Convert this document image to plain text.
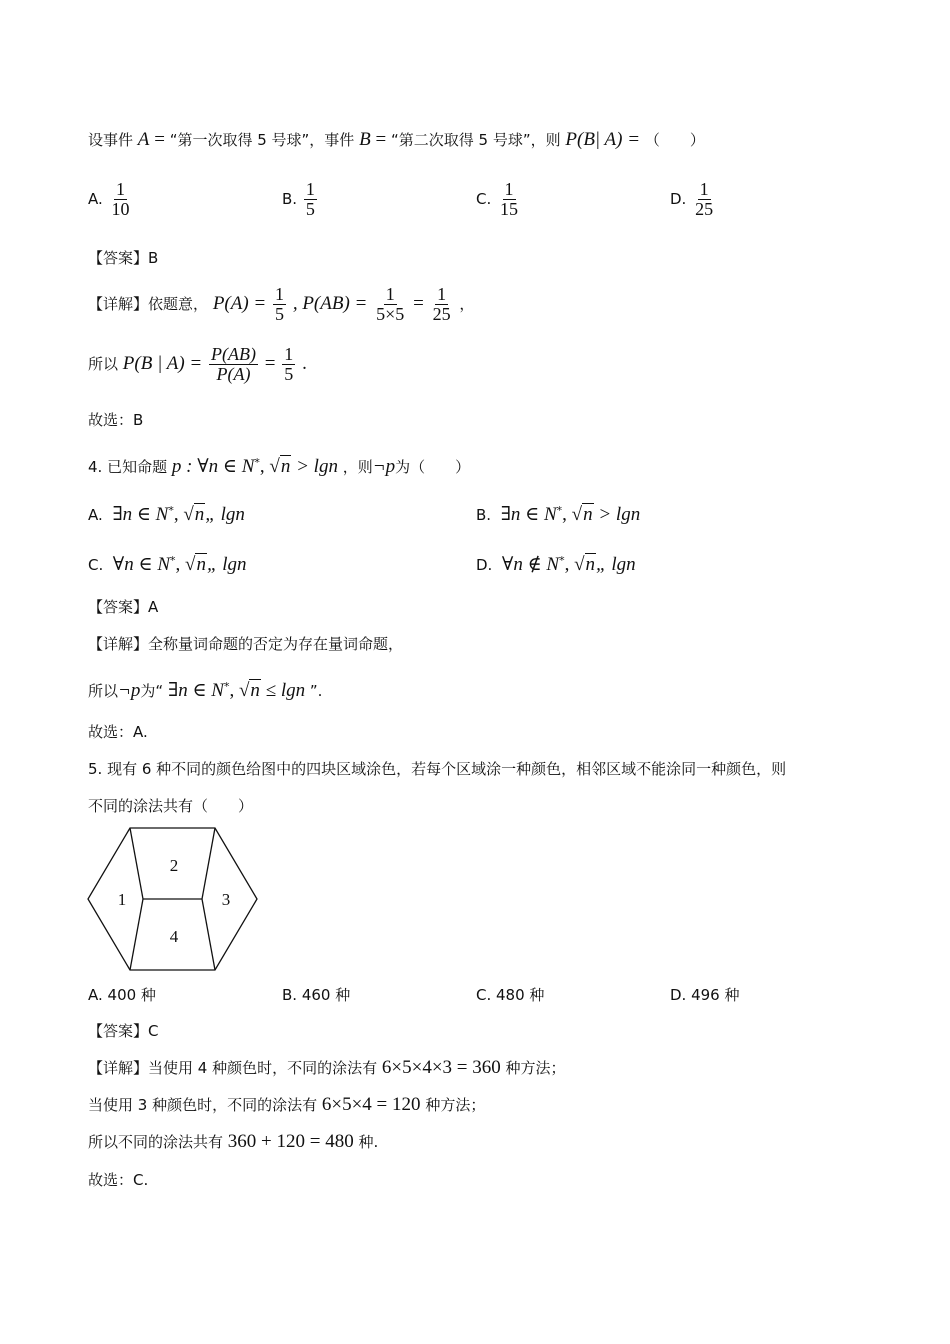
设事件 A = “第一次取得 5 号球”，事件 B = “第二次取得 5 号球”，则 P(B| A) = （　　）
A. $\frac{1}{10}$	B. $\frac{1}{5}$	C. $\frac{1}{15}$	D. $\frac{1}{25}$
【答案】B
【详解】依题意， $P(A) = \frac{1}{5}$ , $P(AB) = \frac{1}{5\times 5} = \frac{1}{25}$ ，
所以 P(B | $A) = \frac{P(AB)}{P(A)} = \frac{1}{5}$ .
故选：B
4. 已知命题 p : ∀n ∈ N*, √n > lgn ，则¬p为（　　）
A. ∃n ∈ N*, √n„ lgn	B. ∃n ∈ N*, √n > lgn
C. ∀n ∈ N*, √n„ lgn	D. ∀n ∉ N*, √n„ lgn
【答案】A
【详解】全称量词命题的否定为存在量词命题，
所以¬p为“ ∃n ∈ N*, √n ≤ lgn ”.
故选：A.
5. 现有 6 种不同的颜色给图中的四块区域涂色，若每个区域涂一种颜色，相邻区域不能涂同一种颜色，则
不同的涂法共有（　　）
1
2
3
4
A. 400 种	B. 460 种	C. 480 种	D. 496 种
【答案】C
【详解】当使用 4 种颜色时，不同的涂法有 6×5×4×3 = 360 种方法；
当使用 3 种颜色时，不同的涂法有 6×5×4 = 120 种方法；
所以不同的涂法共有 360 + 120 = 480 种.
故选：C.
